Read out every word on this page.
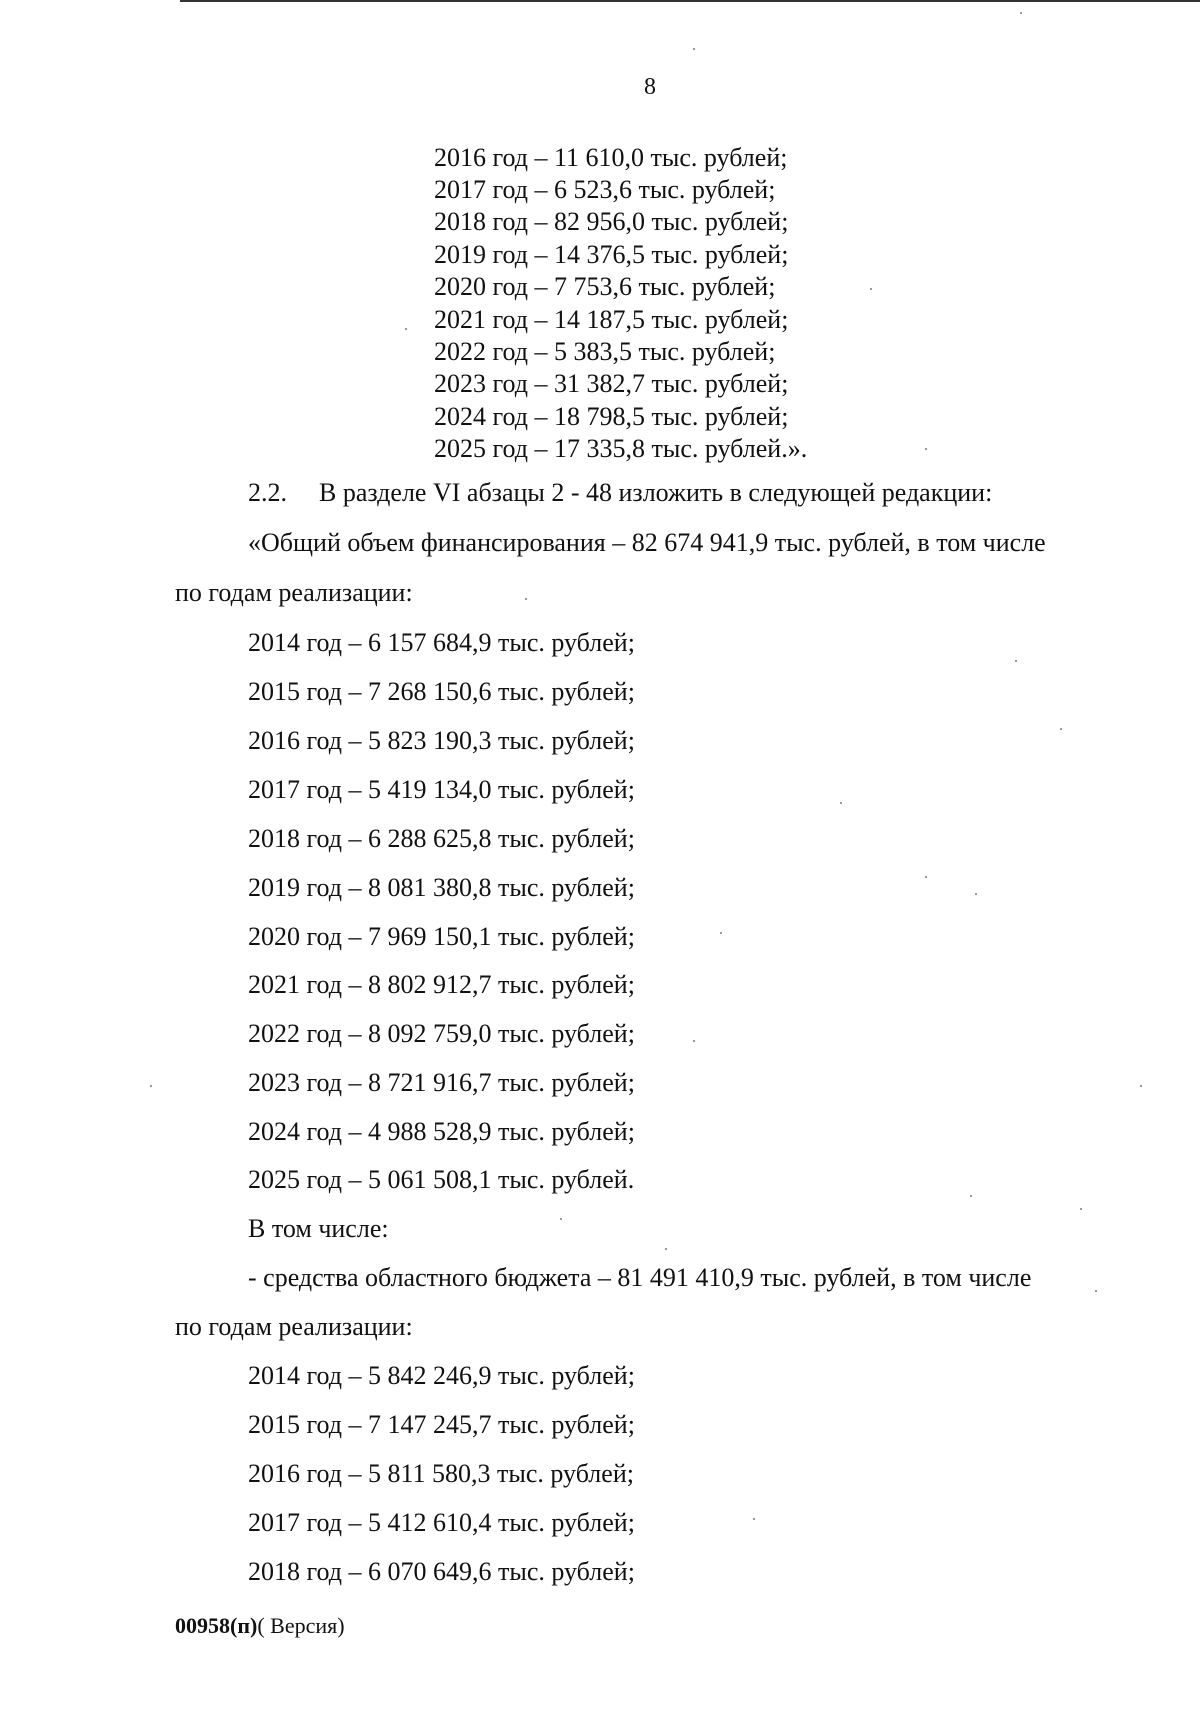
8
2016 год – 11 610,0 тыс. рублей;
2017 год – 6 523,6 тыс. рублей;
2018 год – 82 956,0 тыс. рублей;
2019 год – 14 376,5 тыс. рублей;
2020 год – 7 753,6 тыс. рублей;
2021 год – 14 187,5 тыс. рублей;
2022 год – 5 383,5 тыс. рублей;
2023 год – 31 382,7 тыс. рублей;
2024 год – 18 798,5 тыс. рублей;
2025 год – 17 335,8 тыс. рублей.».
2.2. В разделе VI абзацы 2 - 48 изложить в следующей редакции:
«Общий объем финансирования – 82 674 941,9 тыс. рублей, в том числе
по годам реализации:
2014 год – 6 157 684,9 тыс. рублей;
2015 год – 7 268 150,6 тыс. рублей;
2016 год – 5 823 190,3 тыс. рублей;
2017 год – 5 419 134,0 тыс. рублей;
2018 год – 6 288 625,8 тыс. рублей;
2019 год – 8 081 380,8 тыс. рублей;
2020 год – 7 969 150,1 тыс. рублей;
2021 год – 8 802 912,7 тыс. рублей;
2022 год – 8 092 759,0 тыс. рублей;
2023 год – 8 721 916,7 тыс. рублей;
2024 год – 4 988 528,9 тыс. рублей;
2025 год – 5 061 508,1 тыс. рублей.
В том числе:
- средства областного бюджета – 81 491 410,9 тыс. рублей, в том числе
по годам реализации:
2014 год – 5 842 246,9 тыс. рублей;
2015 год – 7 147 245,7 тыс. рублей;
2016 год – 5 811 580,3 тыс. рублей;
2017 год – 5 412 610,4 тыс. рублей;
2018 год – 6 070 649,6 тыс. рублей;
00958(п)( Версия)
